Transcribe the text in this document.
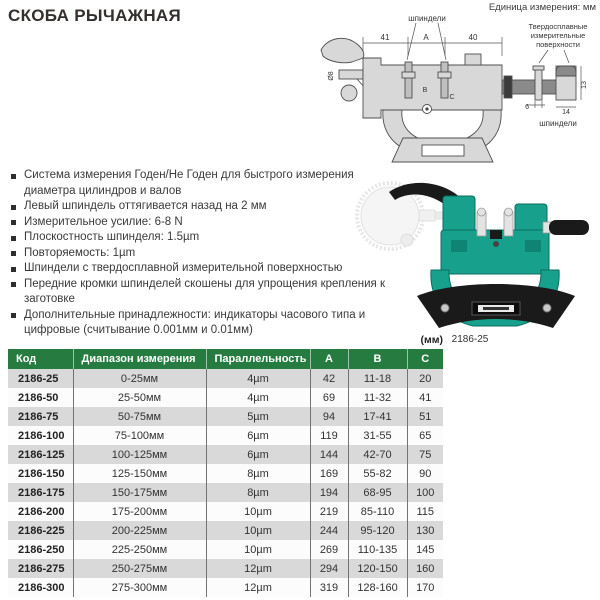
СКОБА РЫЧАЖНАЯ	Единица измерения: мм
41	A	40
шпиндели
Ø8
B
C
Твердосплавные
измерительные
поверхности
6
14
13
шпиндели
Система измерения Годен/Не Годен для быстрого измерения диаметра цилиндров и валов
Левый шпиндель оттягивается назад на 2 мм
Измерительное усилие: 6-8 N
Плоскостность шпинделя: 1.5µm
Повторяемость: 1µm
Шпиндели с твердосплавной измерительной поверхностью
Передние кромки шпинделей скошены для упрощения крепления к заготовке
Дополнительные принадлежности: индикаторы часового типа и цифровые (считывание 0.001мм и 0.01мм)
2186-25
(мм)
Код	Диапазон измерения	Параллельность	A	B	C
2186-25	0-25мм	4µm	42	11-18	20
2186-50	25-50мм	4µm	69	11-32	41
2186-75	50-75мм	5µm	94	17-41	51
2186-100	75-100мм	6µm	119	31-55	65
2186-125	100-125мм	6µm	144	42-70	75
2186-150	125-150мм	8µm	169	55-82	90
2186-175	150-175мм	8µm	194	68-95	100
2186-200	175-200мм	10µm	219	85-110	115
2186-225	200-225мм	10µm	244	95-120	130
2186-250	225-250мм	10µm	269	110-135	145
2186-275	250-275мм	12µm	294	120-150	160
2186-300	275-300мм	12µm	319	128-160	170
